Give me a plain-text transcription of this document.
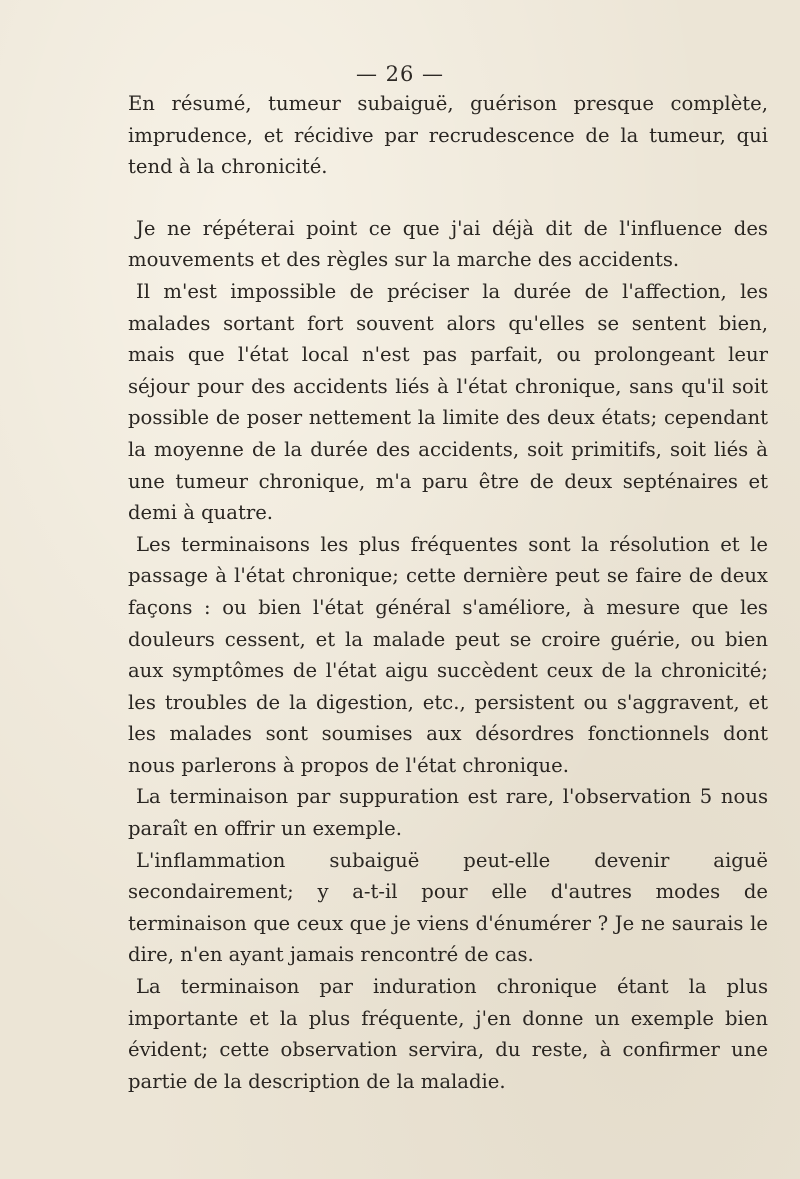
— 26 —

En résumé, tumeur subaiguë, guérison presque complète, imprudence, et récidive par recrudescence de la tumeur, qui tend à la chronicité.

Je ne répéterai point ce que j'ai déjà dit de l'influence des mouvements et des règles sur la marche des accidents.

Il m'est impossible de préciser la durée de l'affection, les malades sortant fort souvent alors qu'elles se sentent bien, mais que l'état local n'est pas parfait, ou prolongeant leur séjour pour des accidents liés à l'état chronique, sans qu'il soit possible de poser nettement la limite des deux états; cependant la moyenne de la durée des accidents, soit primitifs, soit liés à une tumeur chronique, m'a paru être de deux septénaires et demi à quatre.

Les terminaisons les plus fréquentes sont la résolution et le passage à l'état chronique; cette dernière peut se faire de deux façons : ou bien l'état général s'améliore, à mesure que les douleurs cessent, et la malade peut se croire guérie, ou bien aux symptômes de l'état aigu succèdent ceux de la chronicité; les troubles de la digestion, etc., persistent ou s'aggravent, et les malades sont soumises aux désordres fonctionnels dont nous parlerons à propos de l'état chronique.

La terminaison par suppuration est rare, l'observation 5 nous paraît en offrir un exemple.

L'inflammation subaiguë peut-elle devenir aiguë secondairement; y a-t-il pour elle d'autres modes de terminaison que ceux que je viens d'énumérer ? Je ne saurais le dire, n'en ayant jamais rencontré de cas.

La terminaison par induration chronique étant la plus importante et la plus fréquente, j'en donne un exemple bien évident; cette observation servira, du reste, à confirmer une partie de la description de la maladie.
